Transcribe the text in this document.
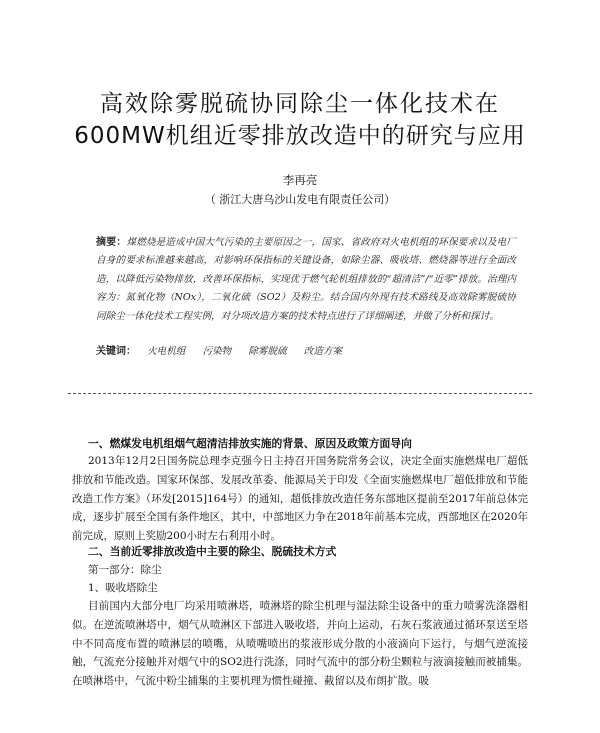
高效除雾脱硫协同除尘一体化技术在
600MW机组近零排放改造中的研究与应用
李再亮
（ 浙江大唐乌沙山发电有限责任公司）
摘要：煤燃烧是造成中国大气污染的主要原因之一，国家、省政府对火电机组的环保要求以及电厂自身的要求标准越来越高，对影响环保指标的关键设备，如除尘器、吸收塔、燃烧器等进行全面改造，以降低污染物排放，改善环保指标，实现优于燃气轮机组排放的“超清洁”/“近零”排放。治理内容为：氮氧化物（NOx），二氧化硫（SO2）及粉尘。结合国内外现有技术路线及高效除雾脱硫协同除尘一体化技术工程实例，对分项改造方案的技术特点进行了详细阐述，并做了分析和探讨。
关键词： 火电机组 污染物 除雾脱硫 改造方案
一、燃煤发电机组烟气超清洁排放实施的背景、原因及政策方面导向
2013年12月2日国务院总理李克强今日主持召开国务院常务会议，决定全面实施燃煤电厂超低排放和节能改造。国家环保部、发展改革委、能源局关于印发《全面实施燃煤电厂超低排放和节能改造工作方案》（环发[2015]164号）的通知，超低排放改造任务东部地区提前至2017年前总体完成，逐步扩展至全国有条件地区，其中，中部地区力争在2018年前基本完成，西部地区在2020年前完成，原则上奖励200小时左右利用小时。
二、当前近零排放改造中主要的除尘、脱硫技术方式
第一部分：除尘
1、吸收塔除尘
目前国内大部分电厂均采用喷淋塔，喷淋塔的除尘机理与湿法除尘设备中的重力喷雾洗涤器相似。在逆流喷淋塔中，烟气从喷淋区下部进入吸收塔，并向上运动，石灰石浆液通过循环泵送至塔中不同高度布置的喷淋层的喷嘴，从喷嘴喷出的浆液形成分散的小液滴向下运行，与烟气逆流接触，气流充分接触并对烟气中的SO2进行洗涤，同时气流中的部分粉尘颗粒与液滴接触而被捕集。在喷淋塔中，气流中粉尘捕集的主要机理为惯性碰撞、截留以及布朗扩散。吸
